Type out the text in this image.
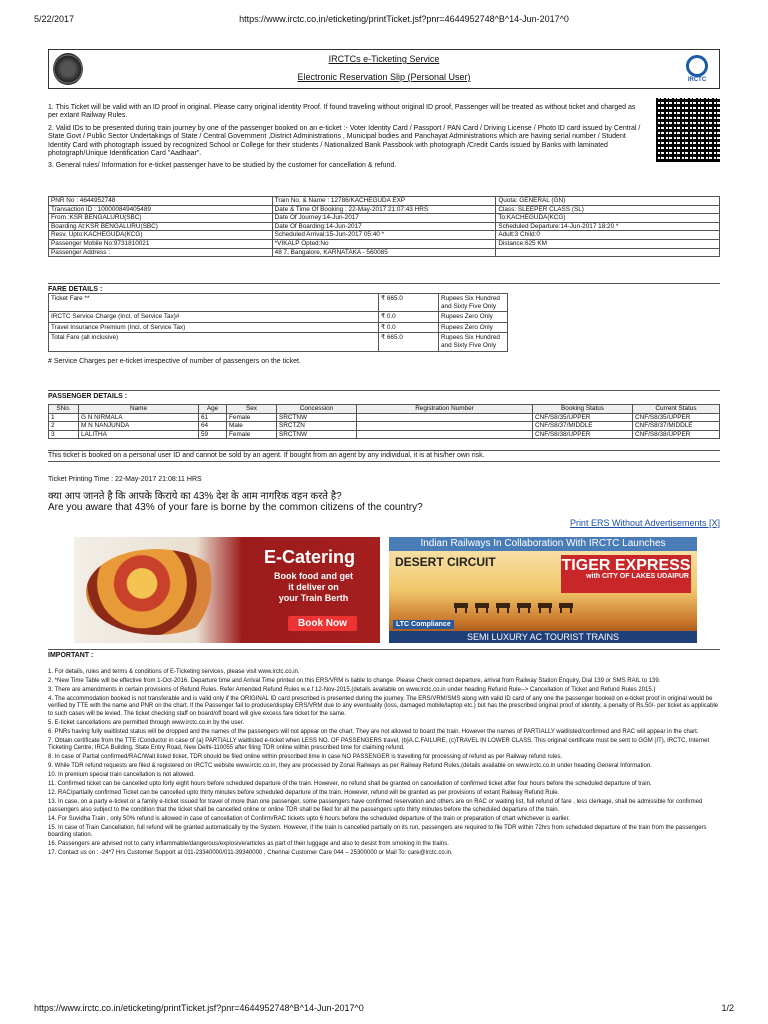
5/22/2017	https://www.irctc.co.in/eticketing/printTicket.jsf?pnr=4644952748^B^14-Jun-2017^0
IRCTCs e-Ticketing Service
Electronic Reservation Slip (Personal User)	IRCTC

1. This Ticket will be valid with an ID proof in original. Please carry original identity Proof. If found traveling without original ID proof, Passenger will be treated as without ticket and charged as per extant Railway Rules.

2. Valid IDs to be presented during train journey by one of the passenger booked on an e-ticket :- Voter Identity Card / Passport / PAN Card / Driving License / Photo ID card issued by Central / State Govt / Public Sector Undertakings of State / Central Government ,District Administrations , Municipal bodies and Panchayat Administrations which are having serial number / Student Identity Card with photograph issued by recognized School or College for their students / Nationalized Bank Passbook with photograph /Credit Cards issued by Banks with laminated photograph/Unique Identification Card "Aadhaar".

3. General rules/ Information for e-ticket passenger have to be studied by the customer for cancellation & refund.

PNR No : 4644952748	Train No. & Name : 12786/KACHEGUDA EXP	Quota: GENERAL (GN)
Transaction ID : 100000849405489	Date & Time Of Booking : 22-May-2017 21:07:43 HRS	Class: SLEEPER CLASS (SL)
From :KSR BENGALURU(SBC)	Date Of Journey:14-Jun-2017	To:KACHEGUDA(KCG)
Boarding At:KSR BENGALURU(SBC)	Date Of Boarding:14-Jun-2017	Scheduled Departure:14-Jun-2017 18:20 *
Resv. Upto:KACHEGUDA(KCG)	Scheduled Arrival:15-Jun-2017 05:40 *	Adult:3 Child:0
Passenger Mobile No:9731810021	*VIKALP Opted:No	Distance:625 KM
Passenger Address :	48 7, Bangalore, KARNATAKA - 560085	
FARE DETAILS :
Ticket Fare **	₹ 665.0	Rupees Six Hundred and Sixty Five Only
IRCTC Service Charge (Incl. of Service Tax)#	₹ 0.0	Rupees Zero Only
Travel Insurance Premium (Incl. of Service Tax)	₹ 0.0	Rupees Zero Only
Total Fare (all inclusive)	₹ 665.0	Rupees Six Hundred and Sixty Five Only
# Service Charges per e-ticket irrespective of number of passengers on the ticket.
PASSENGER DETAILS :
SNo.	Name	Age	Sex	Concession	Registration Number	Booking Status	Current Status
1	G N NIRMALA	61	Female	SRCTNW		CNF/S8/35/UPPER	CNF/S8/35/UPPER
2	M N NANJUNDA	64	Male	SRCTZN		CNF/S8/37/MIDDLE	CNF/S8/37/MIDDLE
3	LALITHA	59	Female	SRCTNW		CNF/S8/38/UPPER	CNF/S8/38/UPPER
This ticket is booked on a personal user ID and cannot be sold by an agent. If bought from an agent by any individual, it is at his/her own risk.
Ticket Printing Time : 22-May-2017 21:08:11 HRS
क्या आप जानते है कि आपके किराये का 43% देश के आम नागरिक वहन करते है?
Are you aware that 43% of your fare is borne by the common citizens of the country?
Print ERS Without Advertisements [X]
E-Catering
Book food and get
it deliver on
your Train Berth
Book Now
Indian Railways In Collaboration With IRCTC Launches
DESERT CIRCUIT	TIGER EXPRESS
with CITY OF LAKES UDAIPUR
LTC Compliance
SEMI LUXURY AC TOURIST TRAINS
IMPORTANT :

1. For details, rules and terms & conditions of E-Ticketing services, please visit www.irctc.co.in.

2. *New Time Table will be effective from 1-Oct-2016. Departure time and Arrival Time printed on this ERS/VRM is liable to change. Please Check correct departure, arrival from Railway Station Enquiry, Dial 139 or SMS RAIL to 139.

3. There are amendments in certain provisions of Refund Rules. Refer Amended Refund Rules w.e.f 12-Nov-2015.(details available on www.irctc.co.in under heading Refund Rule--> Cancellation of Ticket and Refund Rules 2015.)

4. The accommodation booked is not transferable and is valid only if the ORIGINAL ID card prescribed is presented during the journey. The ERS/VRM/SMS along with valid ID card of any one the passenger booked on e-ticket proof in original would be verified by TTE with the name and PNR on the chart. If the Passenger fail to produce/display ERS/VRM due to any eventuality (loss, damaged mobile/laptop etc.) but has the prescribed original proof of identity, a penalty of Rs.50/- per ticket as applicable to such cases will be levied. The ticket checking staff on board/off board will give excess fare ticket for the same.

5. E-ticket cancellations are permitted through www.irctc.co.in by the user.

6. PNRs having fully waitlisted status will be dropped and the names of the passengers will not appear on the chart. They are not allowed to board the train. However the names of PARTIALLY waitlisted/confirmed and RAC will appear in the chart.

7. Obtain certificate from the TTE /Conductor in case of (a) PARTIALLY waitlisted e-ticket when LESS NO. OF PASSENGERS travel, (b)A.C.FAILURE, (c)TRAVEL IN LOWER CLASS. This original certificate must be sent to GGM (IT), IRCTC, Internet Ticketing Centre, IRCA Building, State Entry Road, New Delhi-110055 after filing TDR online within prescribed time for claiming refund.

8. In case of Partial confirmed/RAC/Wait listed ticket, TDR should be filed online within prescribed time in case NO PASSENGER is travelling for processing of refund as per Railway refund rules.

9. While TDR refund requests are filed & registered on IRCTC website www.irctc.co.in, they are processed by Zonal Railways as per Railway Refund Rules.(details available on www.irctc.co.in under heading General Information.

10. In premium special train cancellation is not allowed.

11. Confirmed ticket can be cancelled upto forty eight hours before scheduled departure of the train. However, no refund shall be granted on cancellation of confirmed ticket after four hours before the scheduled departure of train.

12. RAC/partially confirmed Ticket can be cancelled upto thirty minutes before scheduled departure of the train. However, refund will be granted as per provisions of extant Railway Refund Rule.

13. In case, on a party e-ticket or a family e-ticket issued for travel of more than one passenger, some passengers have confirmed reservation and others are on RAC or waiting list, full refund of fare , less clerkage, shall be admissible for confirmed passengers also subject to the condition that the ticket shall be cancelled online or online TDR shall be filed for all the passengers upto thirty minutes before the scheduled departure of the train.

14. For Suvidha Train , only 50% refund is allowed in case of cancellation of Confirm/RAC tickets upto 6 hours before the scheduled departure of the train or preparation of chart whichever is earlier.

15. In case of Train Cancellation, full refund will be granted automatically by the System. However, if the train is cancelled partially on its run, passengers are required to file TDR within 72hrs from scheduled departure of the train from the passengers boarding station.

16. Passengers are advised not to carry inflammable/dangerous/explosive/articles as part of their luggage and also to desist from smoking in the trains.

17. Contact us on : -24*7 Hrs Customer Support at 011-23340000/011-39340000 , Chennai Customer Care 044 – 25300000 or Mail To: care@irctc.co.in.

https://www.irctc.co.in/eticketing/printTicket.jsf?pnr=4644952748^B^14-Jun-2017^0	1/2
